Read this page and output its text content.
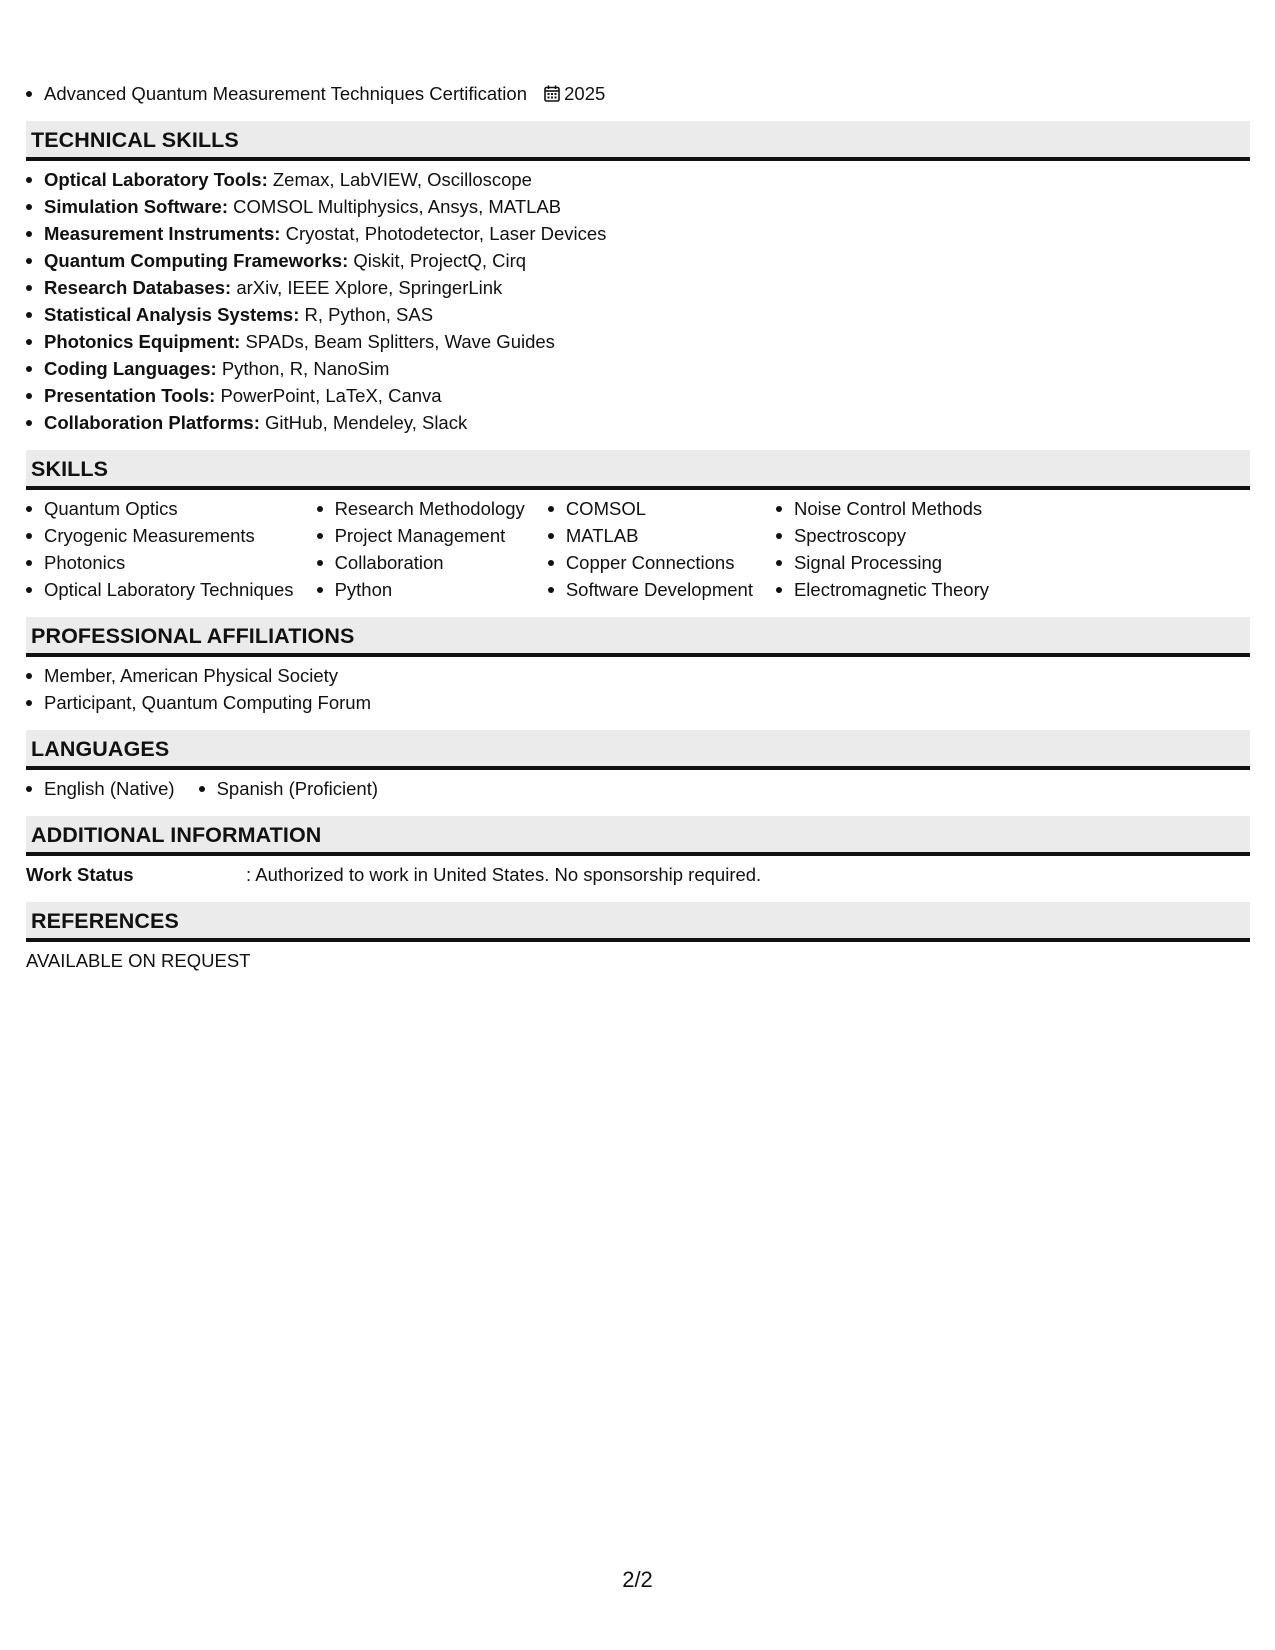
Advanced Quantum Measurement Techniques Certification 2025
TECHNICAL SKILLS
Optical Laboratory Tools: Zemax, LabVIEW, Oscilloscope
Simulation Software: COMSOL Multiphysics, Ansys, MATLAB
Measurement Instruments: Cryostat, Photodetector, Laser Devices
Quantum Computing Frameworks: Qiskit, ProjectQ, Cirq
Research Databases: arXiv, IEEE Xplore, SpringerLink
Statistical Analysis Systems: R, Python, SAS
Photonics Equipment: SPADs, Beam Splitters, Wave Guides
Coding Languages: Python, R, NanoSim
Presentation Tools: PowerPoint, LaTeX, Canva
Collaboration Platforms: GitHub, Mendeley, Slack
SKILLS
Quantum Optics
Cryogenic Measurements
Photonics
Optical Laboratory Techniques
Research Methodology
Project Management
Collaboration
Python
COMSOL
MATLAB
Copper Connections
Software Development
Noise Control Methods
Spectroscopy
Signal Processing
Electromagnetic Theory
PROFESSIONAL AFFILIATIONS
Member, American Physical Society
Participant, Quantum Computing Forum
LANGUAGES
English (Native)	Spanish (Proficient)
ADDITIONAL INFORMATION
Work Status	: Authorized to work in United States. No sponsorship required.
REFERENCES
AVAILABLE ON REQUEST
2/2
